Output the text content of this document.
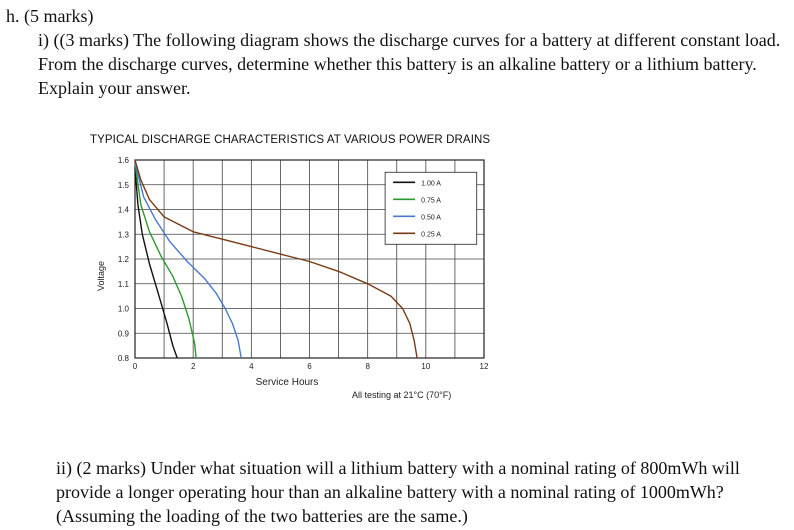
h. (5 marks)
i) ((3 marks) The following diagram shows the discharge curves for a battery at different constant load. From the discharge curves, determine whether this battery is an alkaline battery or a lithium battery. Explain your answer.
TYPICAL DISCHARGE CHARACTERISTICS AT VARIOUS POWER DRAINS
0.8
0.9
1.0
1.1
1.2
1.3
1.4
1.5
1.6
0	2	4	6	8	10	12
1.00 A
0.75 A
0.50 A
0.25 A
Service Hours
Voltage
All testing at 21°C (70°F)
ii) (2 marks) Under what situation will a lithium battery with a nominal rating of 800mWh will provide a longer operating hour than an alkaline battery with a nominal rating of 1000mWh? (Assuming the loading of the two batteries are the same.)
